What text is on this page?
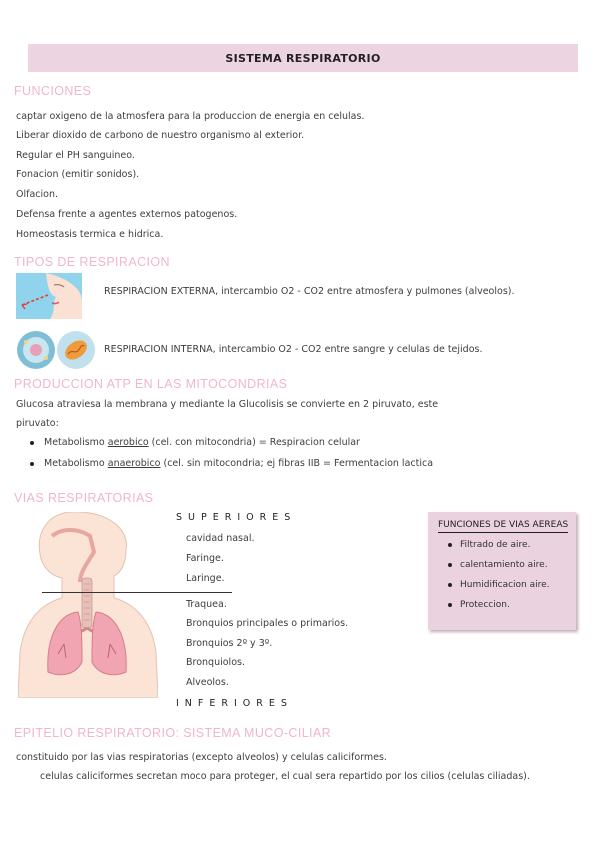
SISTEMA RESPIRATORIO
FUNCIONES
captar oxigeno de la atmosfera para la produccion de energia en celulas.
Liberar dioxido de carbono de nuestro organismo al exterior.
Regular el PH sanguineo.
Fonacion (emitir sonidos).
Olfacion.
Defensa frente a agentes externos patogenos.
Homeostasis termica e hidrica.
TIPOS DE RESPIRACION
RESPIRACION EXTERNA, intercambio O2 - CO2 entre atmosfera y pulmones (alveolos).
RESPIRACION INTERNA, intercambio O2 - CO2 entre sangre y celulas de tejidos.
PRODUCCION ATP EN LAS MITOCONDRIAS
Glucosa atraviesa la membrana y mediante la Glucolisis se convierte en 2 piruvato, este
piruvato:
Metabolismo aerobico (cel. con mitocondria) = Respiracion celular
Metabolismo anaerobico (cel. sin mitocondria; ej fibras IIB = Fermentacion lactica
VIAS RESPIRATORIAS
SUPERIORES
cavidad nasal.
Faringe.
Laringe.
Traquea.
Bronquios principales o primarios.
Bronquios 2º y 3º.
Bronquiolos.
Alveolos.
INFERIORES
FUNCIONES DE VIAS AEREAS
Filtrado de aire.
calentamiento aire.
Humidificacion aire.
Proteccion.
EPITELIO RESPIRATORIO: SISTEMA MUCO-CILIAR
constituido por las vias respiratorias (excepto alveolos) y celulas caliciformes.
celulas caliciformes secretan moco para proteger, el cual sera repartido por los cilios (celulas ciliadas).
